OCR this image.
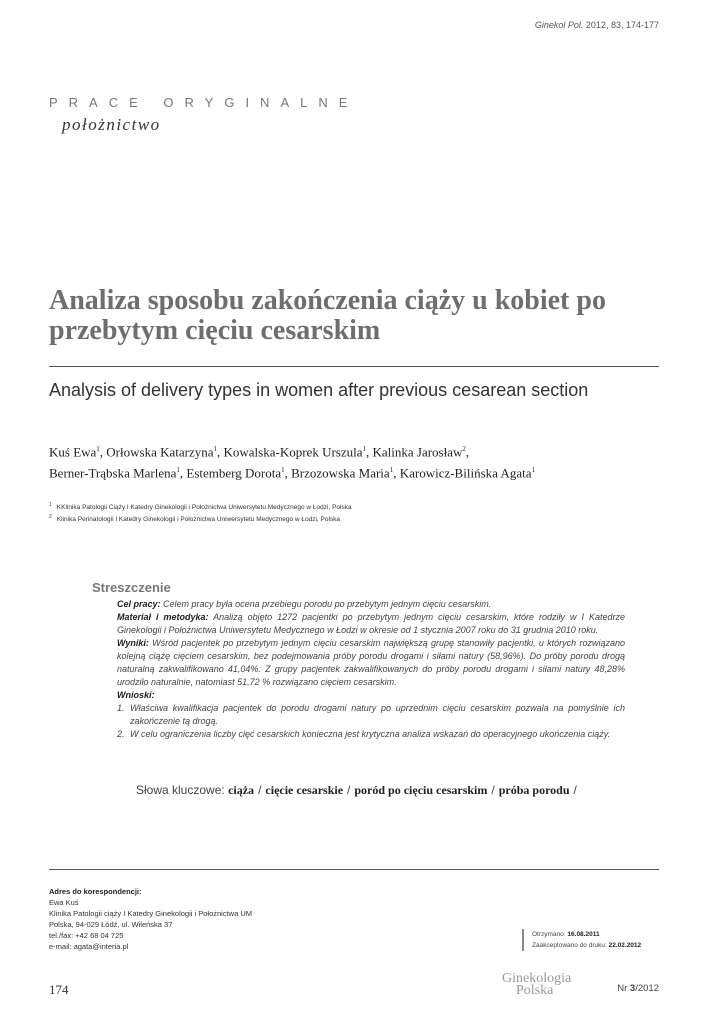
Ginekol Pol. 2012, 83, 174-177
PRACE ORYGINALNE
położnictwo
Analiza sposobu zakończenia ciąży u kobiet po przebytym cięciu cesarskim
Analysis of delivery types in women after previous cesarean section
Kuś Ewa$^1$, Orłowska Katarzyna$^1$, Kowalska-Koprek Urszula$^1$, Kalinka Jarosław$^2$,
Berner-Trąbska Marlena$^1$, Estemberg Dorota$^1$, Brzozowska Maria$^1$, Karowicz-Bilińska Agata$^1$
$^1$ KKlinika Patologii Ciąży I Katedry Ginekologii i Położnictwa Uniwersytetu Medycznego w Łodzi, Polska
$^2$ Klinika Perinatologii I Katedry Ginekologii i Położnictwa Uniwersytetu Medycznego w Łodzi, Polska
Streszczenie

Cel pracy: Celem pracy była ocena przebiegu porodu po przebytym jednym cięciu cesarskim.

Materiał i metodyka: Analizą objęto 1272 pacjentki po przebytym jednym cięciu cesarskim, które rodziły w I Katedrze Ginekologii i Położnictwa Uniwersytetu Medycznego w Łodzi w okresie od 1 stycznia 2007 roku do 31 grudnia 2010 roku.

Wyniki: Wśród pacjentek po przebytym jednym cięciu cesarskim największą grupę stanowiły pacjentki, u których rozwiązano kolejną ciążę cięciem cesarskim, bez podejmowania próby porodu drogami i siłami natury (58,96%). Do próby porodu drogą naturalną zakwalifikowano 41,04%. Z grupy pacjentek zakwalifikowanych do próby porodu drogami i siłami natury 48,28% urodziło naturalnie, natomiast 51,72 % rozwiązano cięciem cesarskim.

Wnioski:

1. Właściwa kwalifikacja pacjentek do porodu drogami natury po uprzednim cięciu cesarskim pozwala na pomyślnie ich zakończenie tą drogą.
2. W celu ograniczenia liczby cięć cesarskich konieczna jest krytyczna analiza wskazań do operacyjnego ukończenia ciąży.
Słowa kluczowe: ciąża / cięcie cesarskie / poród po cięciu cesarskim / próba porodu /
Adres do korespondencji:
Ewa Kuś
Klinika Patologii ciąży I Katedry Ginekologii i Położnictwa UM
Polska, 94-029 Łódź, ul. Wileńska 37
tel./fax: +42 68 04 725
e-mail: agata@interia.pl
Otrzymano: 16.08.2011
Zaakceptowano do druku: 22.02.2012
174
Ginekologia
Polska	Nr 3/2012
